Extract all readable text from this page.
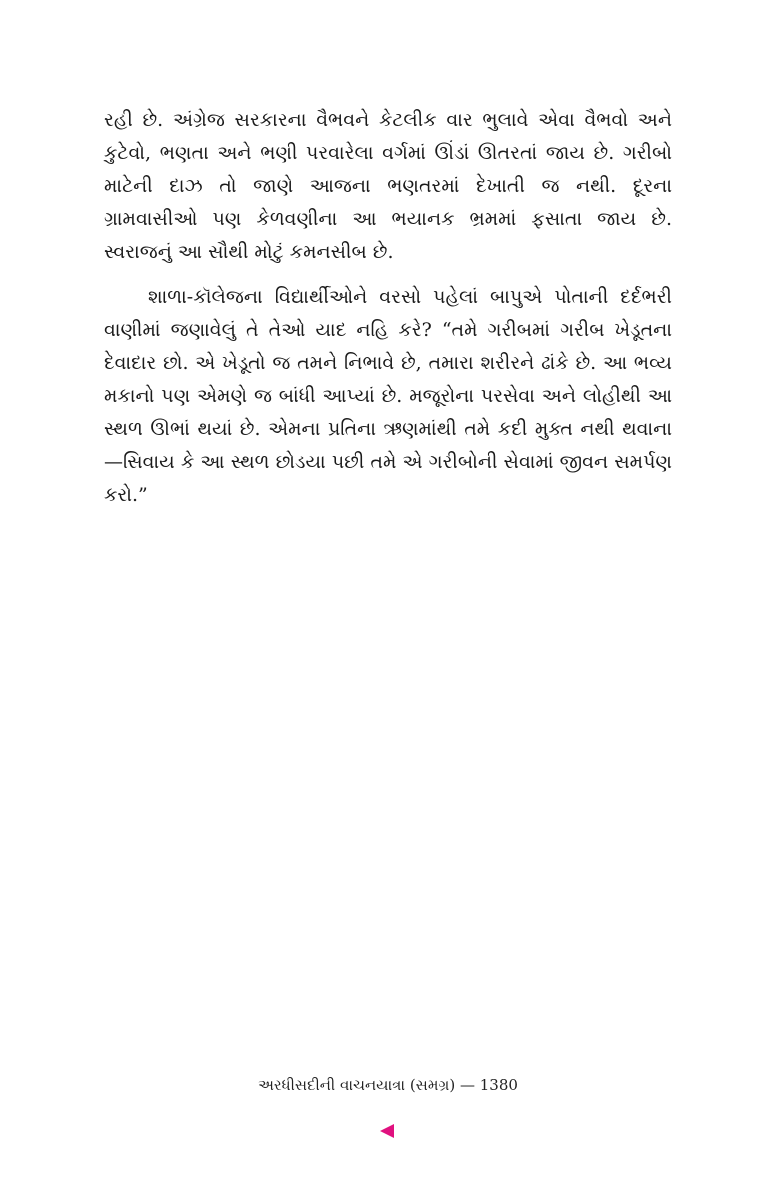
રહી છે. અંગ્રેજ સરકારના વૈભવને કેટલીક વાર ભુલાવે એવા વૈભવો અને કુટેવો, ભણતા અને ભણી પરવારેલા વર્ગમાં ઊંડાં ઊતરતાં જાય છે. ગરીબો માટેની દાઝ તો જાણે આજના ભણતરમાં દેખાતી જ નથી. દૂરના ગ્રામવાસીઓ પણ કેળવણીના આ ભયાનક ભ્રમમાં ફસાતા જાય છે. સ્વરાજનું આ સૌથી મોટું કમનસીબ છે.

શાળા-કૉલેજના વિદ્યાર્થીઓને વરસો પહેલાં બાપુએ પોતાની દર્દભરી વાણીમાં જણાવેલું તે તેઓ યાદ નહિ કરે? “તમે ગરીબમાં ગરીબ ખેડૂતના દેવાદાર છો. એ ખેડૂતો જ તમને નિભાવે છે, તમારા શરીરને ઢાંકે છે. આ ભવ્ય મકાનો પણ એમણે જ બાંધી આપ્યાં છે. મજૂરોના પરસેવા અને લોહીથી આ સ્થળ ઊભાં થયાં છે. એમના પ્રતિના ઋણમાંથી તમે કદી મુક્ત નથી થવાના—સિવાય કે આ સ્થળ છોડયા પછી તમે એ ગરીબોની સેવામાં જીવન સમર્પણ કરો.”

અરધીસદીની વાચનયાત્રા (સમગ્ર) — 1380
